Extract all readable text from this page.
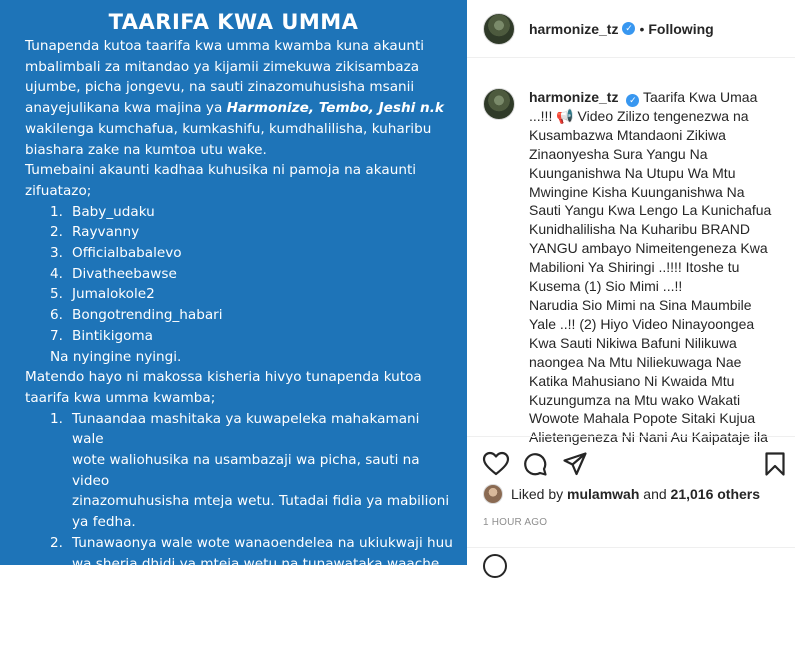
TAARIFA KWA UMMA

Tunapenda kutoa taarifa kwa umma kwamba kuna akaunti

mbalimbali za mitandao ya kijamii zimekuwa zikisambaza

ujumbe, picha jongevu, na sauti zinazomuhusisha msanii

anayejulikana kwa majina ya Harmonize, Tembo, Jeshi n.k

wakilenga kumchafua, kumkashifu, kumdhalilisha, kuharibu

biashara zake na kumtoa utu wake.

Tumebaini akaunti kadhaa kuhusika ni pamoja na akaunti

zifuatazo;

1. Baby_udaku
2. Rayvanny
3. Officialbabalevo
4. Divatheebawse
5. Jumalokole2
6. Bongotrending_habari
7. Bintikigoma

Na nyingine nyingi.

Matendo hayo ni makossa kisheria hivyo tunapenda kutoa

taarifa kwa umma kwamba;

1. Tunaandaa mashitaka ya kuwapeleka mahakamani wale
wote waliohusika na usambazaji wa picha, sauti na video
zinazomuhusisha mteja wetu. Tutadai fidia ya mabilioni
ya fedha.
2. Tunawaonya wale wote wanaoendelea na ukiukwaji huu
wa sheria dhidi ya mteja wetu na tunawataka waache
kufanya hivyo mara moja na kabisa.

Imetolewa leo tarehe 14 April, 2021

Na,

harmonize_tz ✓ • Following
harmonize_tz ✓ Taarifa Kwa Umaa ...!!! 📢 Video Zilizo tengenezwa na Kusambazwa Mtandaoni Zikiwa Zinaonyesha Sura Yangu Na Kuunganishwa Na Utupu Wa Mtu Mwingine Kisha Kuunganishwa Na Sauti Yangu Kwa Lengo La Kunichafua Kunidhalilisha Na Kuharibu BRAND YANGU ambayo Nimeitengeneza Kwa Mabilioni Ya Shiringi ..!!!! Itoshe tu Kusema (1) Sio Mimi ...!!
Narudia Sio Mimi na Sina Maumbile Yale ..!! (2) Hiyo Video Ninayoongea Kwa Sauti Nikiwa Bafuni Nilikuwa naongea Na Mtu Niliekuwaga Nae Katika Mahusiano Ni Kwaida Mtu Kuzungumza na Mtu wako Wakati Wowote Mahala Popote Sitaki Kujua Alietengeneza Ni Nani Au Kaipataje ila
Liked by
mulamwah
and
21,016 others
1 HOUR AGO
